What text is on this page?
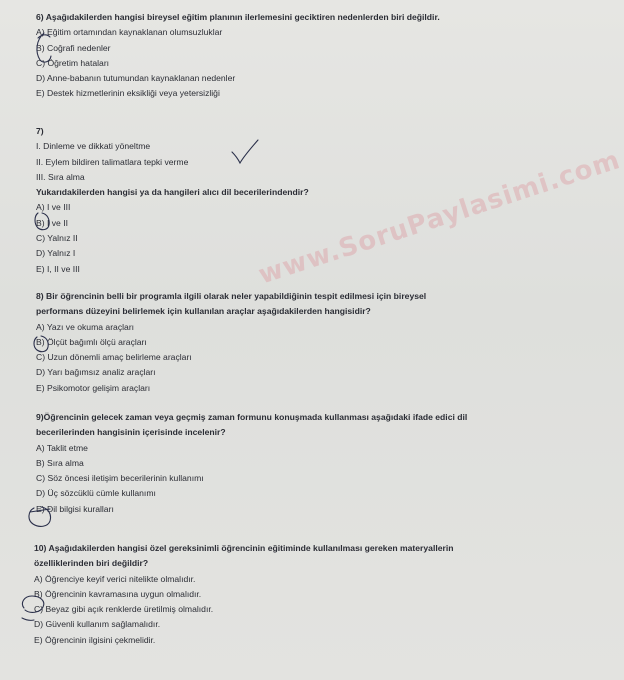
www.SoruPaylasimi.com
6) Aşağıdakilerden hangisi bireysel eğitim planının ilerlemesini geciktiren nedenlerden biri değildir.
A) Eğitim ortamından kaynaklanan olumsuzluklar
B) Coğrafi nedenler
C) Öğretim hataları
D) Anne-babanın tutumundan kaynaklanan nedenler
E) Destek hizmetlerinin eksikliği veya yetersizliği
7)
I. Dinleme ve dikkati yöneltme
II. Eylem bildiren talimatlara tepki verme
III. Sıra alma
Yukarıdakilerden hangisi ya da hangileri alıcı dil becerilerindendir?
A) I ve III
B) I ve II
C) Yalnız II
D) Yalnız I
E) I, II ve III
8) Bir öğrencinin belli bir programla ilgili olarak neler yapabildiğinin tespit edilmesi için bireysel
performans düzeyini belirlemek için kullanılan araçlar aşağıdakilerden hangisidir?
A) Yazı ve okuma araçları
B) Ölçüt bağımlı ölçü araçları
C) Uzun dönemli amaç belirleme araçları
D) Yarı bağımsız analiz araçları
E) Psikomotor gelişim araçları
9)Öğrencinin gelecek zaman veya geçmiş zaman formunu konuşmada kullanması aşağıdaki ifade edici dil
becerilerinden hangisinin içerisinde incelenir?
A) Taklit etme
B) Sıra alma
C) Söz öncesi iletişim becerilerinin kullanımı
D) Üç sözcüklü cümle kullanımı
E) Dil bilgisi kuralları
10) Aşağıdakilerden hangisi özel gereksinimli öğrencinin eğitiminde kullanılması gereken materyallerin
özelliklerinden biri değildir?
A) Öğrenciye keyif verici nitelikte olmalıdır.
B) Öğrencinin kavramasına uygun olmalıdır.
C) Beyaz gibi açık renklerde üretilmiş olmalıdır.
D) Güvenli kullanım sağlamalıdır.
E) Öğrencinin ilgisini çekmelidir.
